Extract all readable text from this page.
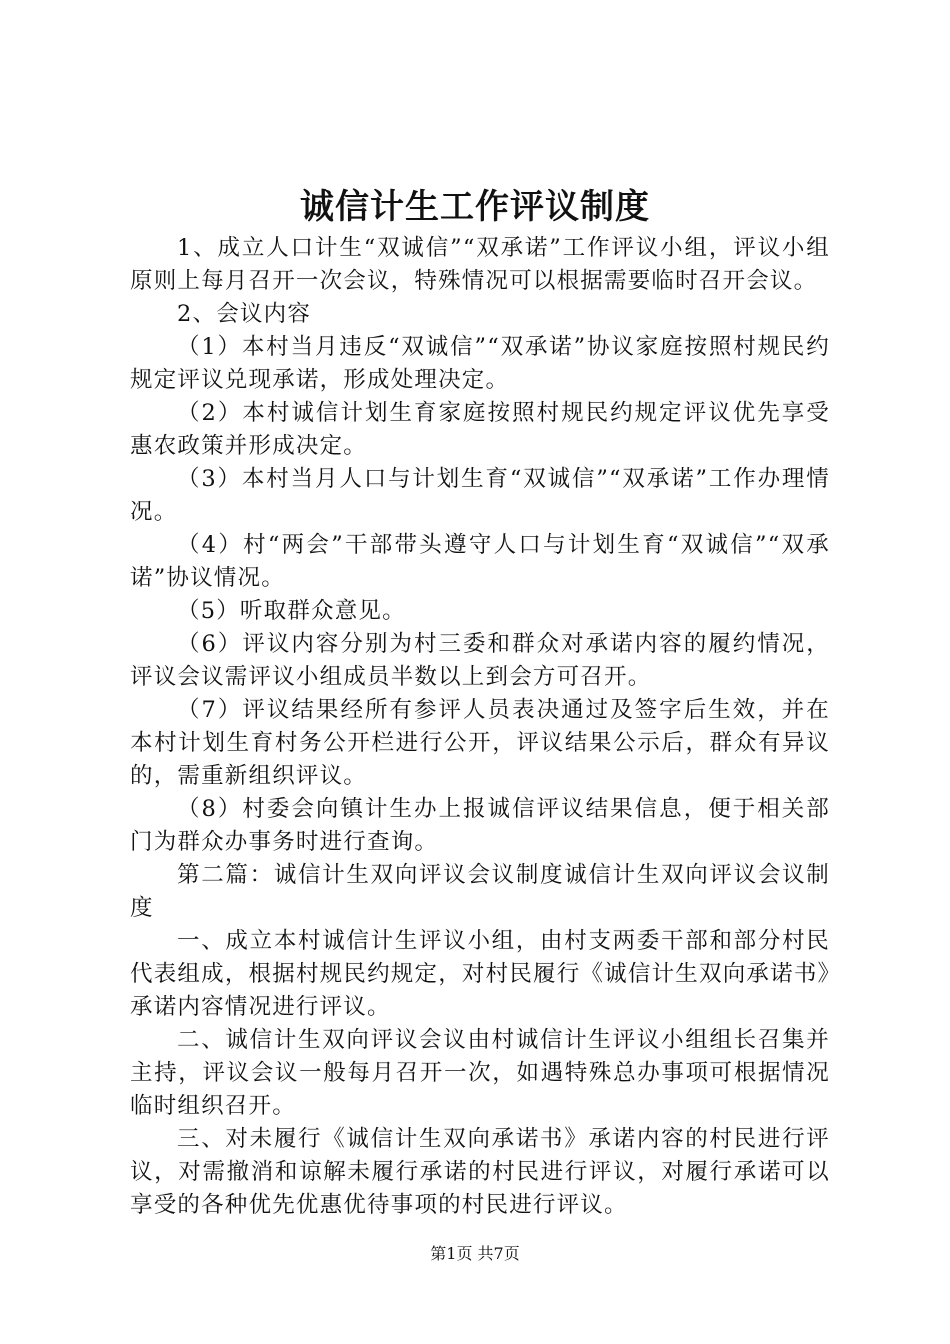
诚信计生工作评议制度

1、成立人口计生“双诚信”“双承诺”工作评议小组，评议小组原则上每月召开一次会议，特殊情况可以根据需要临时召开会议。

2、会议内容

（1）本村当月违反“双诚信”“双承诺”协议家庭按照村规民约规定评议兑现承诺，形成处理决定。

（2）本村诚信计划生育家庭按照村规民约规定评议优先享受惠农政策并形成决定。

（3）本村当月人口与计划生育“双诚信”“双承诺”工作办理情况。

（4）村“两会”干部带头遵守人口与计划生育“双诚信”“双承诺”协议情况。

（5）听取群众意见。

（6）评议内容分别为村三委和群众对承诺内容的履约情况，评议会议需评议小组成员半数以上到会方可召开。

（7）评议结果经所有参评人员表决通过及签字后生效，并在本村计划生育村务公开栏进行公开，评议结果公示后，群众有异议的，需重新组织评议。

（8）村委会向镇计生办上报诚信评议结果信息，便于相关部门为群众办事务时进行查询。

第二篇：诚信计生双向评议会议制度诚信计生双向评议会议制度

一、成立本村诚信计生评议小组，由村支两委干部和部分村民代表组成，根据村规民约规定，对村民履行《诚信计生双向承诺书》承诺内容情况进行评议。

二、诚信计生双向评议会议由村诚信计生评议小组组长召集并主持，评议会议一般每月召开一次，如遇特殊总办事项可根据情况临时组织召开。

三、对未履行《诚信计生双向承诺书》承诺内容的村民进行评议，对需撤消和谅解未履行承诺的村民进行评议，对履行承诺可以享受的各种优先优惠优待事项的村民进行评议。

第1页 共7页
